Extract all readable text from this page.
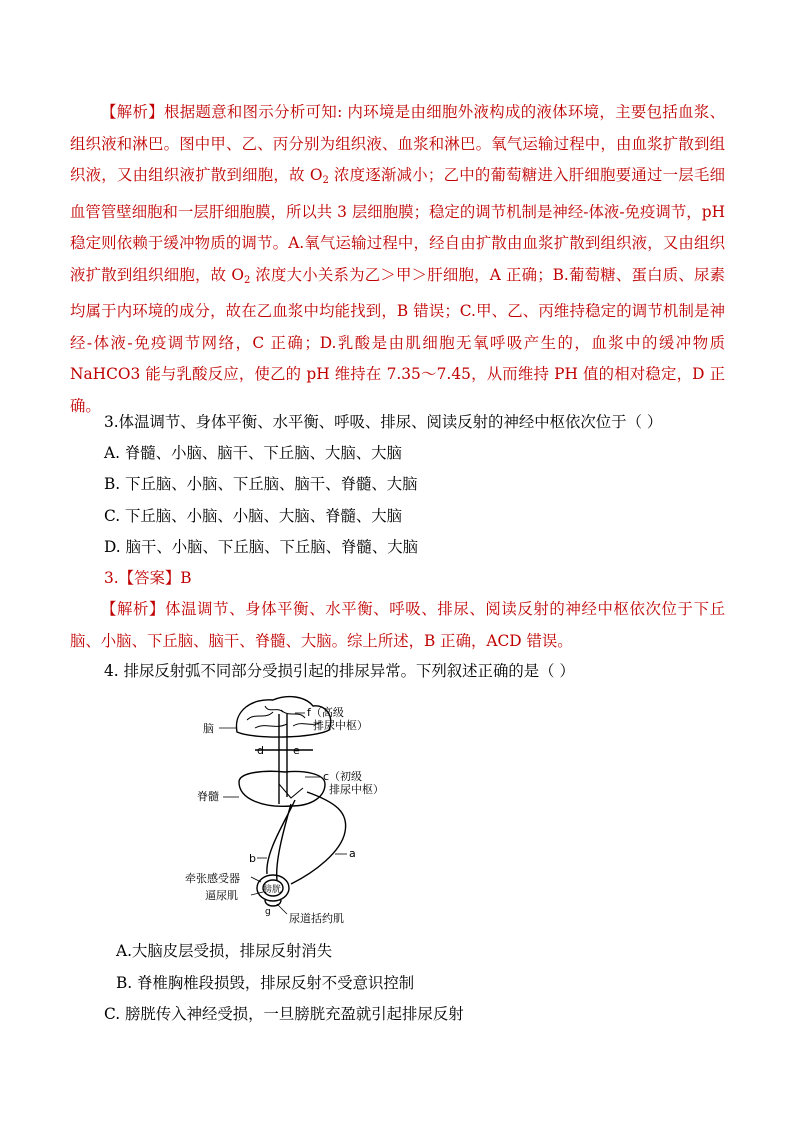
【解析】根据题意和图示分析可知: 内环境是由细胞外液构成的液体环境，主要包括血浆、组织液和淋巴。图中甲、乙、丙分别为组织液、血浆和淋巴。氧气运输过程中，由血浆扩散到组织液，又由组织液扩散到细胞，故 $O_2$ 浓度逐渐减小；乙中的葡萄糖进入肝细胞要通过一层毛细血管管壁细胞和一层肝细胞膜，所以共 3 层细胞膜；稳定的调节机制是神经-体液-免疫调节，pH 稳定则依赖于缓冲物质的调节。A.氧气运输过程中，经自由扩散由血浆扩散到组织液，又由组织液扩散到组织细胞，故 $O_2$ 浓度大小关系为乙＞甲＞肝细胞，A 正确；B.葡萄糖、蛋白质、尿素均属于内环境的成分，故在乙血浆中均能找到，B 错误；C.甲、乙、丙维持稳定的调节机制是神经-体液-免疫调节网络，C 正确；D.乳酸是由肌细胞无氧呼吸产生的，血浆中的缓冲物质 NaHCO3 能与乳酸反应，使乙的 pH 维持在 7.35～7.45，从而维持 PH 值的相对稳定，D 正确。
3.体温调节、身体平衡、水平衡、呼吸、排尿、阅读反射的神经中枢依次位于（ ）
A. 脊髓、小脑、脑干、下丘脑、大脑、大脑
B. 下丘脑、小脑、下丘脑、脑干、脊髓、大脑
C. 下丘脑、小脑、小脑、大脑、脊髓、大脑
D. 脑干、小脑、下丘脑、下丘脑、脊髓、大脑
3.【答案】B
【解析】体温调节、身体平衡、水平衡、呼吸、排尿、阅读反射的神经中枢依次位于下丘脑、小脑、下丘脑、脑干、脊髓、大脑。综上所述，B 正确，ACD 错误。
4. 排尿反射弧不同部分受损引起的排尿异常。下列叙述正确的是（ ）
脑
f（高级
排尿中枢）
d	e
c（初级
排尿中枢）
脊髓
b	a
牵张感受器
膀胱
逼尿肌
g 尿道括约肌
A.大脑皮层受损，排尿反射消失
B. 脊椎胸椎段损毁，排尿反射不受意识控制
C. 膀胱传入神经受损，一旦膀胱充盈就引起排尿反射
